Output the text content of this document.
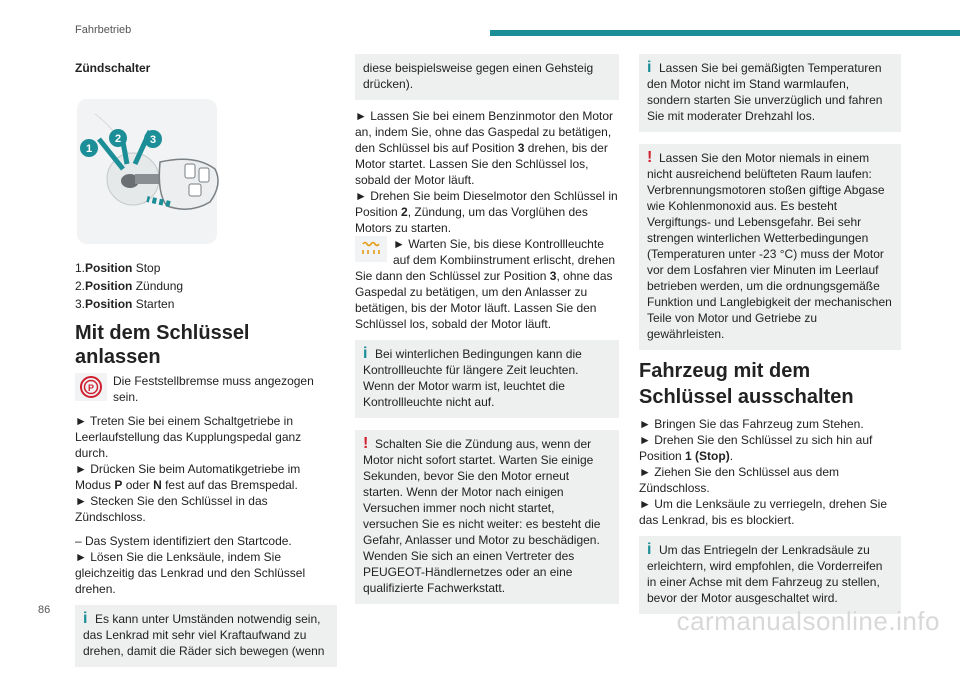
Fahrbetrieb

Zündschalter

1
2	3
1.Position Stop
2.Position Zündung
3.Position Starten
Mit dem Schlüssel anlassen
P Die Feststellbremse muss angezogen sein.

► Treten Sie bei einem Schaltgetriebe in Leerlaufstellung das Kupplungspedal ganz durch.

► Drücken Sie beim Automatikgetriebe im Modus P oder N fest auf das Bremspedal.

► Stecken Sie den Schlüssel in das Zündschloss.

– Das System identifiziert den Startcode.

► Lösen Sie die Lenksäule, indem Sie gleichzeitig das Lenkrad und den Schlüssel drehen.

i Es kann unter Umständen notwendig sein, das Lenkrad mit sehr viel Kraftaufwand zu drehen, damit die Räder sich bewegen (wenn

diese beispielsweise gegen einen Gehsteig drücken).

► Lassen Sie bei einem Benzinmotor den Motor an, indem Sie, ohne das Gaspedal zu betätigen, den Schlüssel bis auf Position 3 drehen, bis der Motor startet. Lassen Sie den Schlüssel los, sobald der Motor läuft.

► Drehen Sie beim Dieselmotor den Schlüssel in Position 2, Zündung, um das Vorglühen des Motors zu starten.

► Warten Sie, bis diese Kontrollleuchte auf dem Kombiinstrument erlischt, drehen Sie dann den Schlüssel zur Position 3, ohne das Gaspedal zu betätigen, um den Anlasser zu betätigen, bis der Motor läuft. Lassen Sie den Schlüssel los, sobald der Motor läuft.

i Bei winterlichen Bedingungen kann die Kontrollleuchte für längere Zeit leuchten. Wenn der Motor warm ist, leuchtet die Kontrollleuchte nicht auf.

! Schalten Sie die Zündung aus, wenn der Motor nicht sofort startet. Warten Sie einige Sekunden, bevor Sie den Motor erneut starten. Wenn der Motor nach einigen Versuchen immer noch nicht startet, versuchen Sie es nicht weiter: es besteht die Gefahr, Anlasser und Motor zu beschädigen. Wenden Sie sich an einen Vertreter des PEUGEOT-Händlernetzes oder an eine qualifizierte Fachwerkstatt.

i Lassen Sie bei gemäßigten Temperaturen den Motor nicht im Stand warmlaufen, sondern starten Sie unverzüglich und fahren Sie mit moderater Drehzahl los.

! Lassen Sie den Motor niemals in einem nicht ausreichend belüfteten Raum laufen: Verbrennungsmotoren stoßen giftige Abgase wie Kohlenmonoxid aus. Es besteht Vergiftungs- und Lebensgefahr. Bei sehr strengen winterlichen Wetterbedingungen (Temperaturen unter -23 °C) muss der Motor vor dem Losfahren vier Minuten im Leerlauf betrieben werden, um die ordnungsgemäße Funktion und Langlebigkeit der mechanischen Teile von Motor und Getriebe zu gewährleisten.

Fahrzeug mit dem Schlüssel ausschalten

► Bringen Sie das Fahrzeug zum Stehen.

► Drehen Sie den Schlüssel zu sich hin auf Position 1 (Stop).

► Ziehen Sie den Schlüssel aus dem Zündschloss.

► Um die Lenksäule zu verriegeln, drehen Sie das Lenkrad, bis es blockiert.

i Um das Entriegeln der Lenkradsäule zu erleichtern, wird empfohlen, die Vorderreifen in einer Achse mit dem Fahrzeug zu stellen, bevor der Motor ausgeschaltet wird.

86	carmanualsonline.info
